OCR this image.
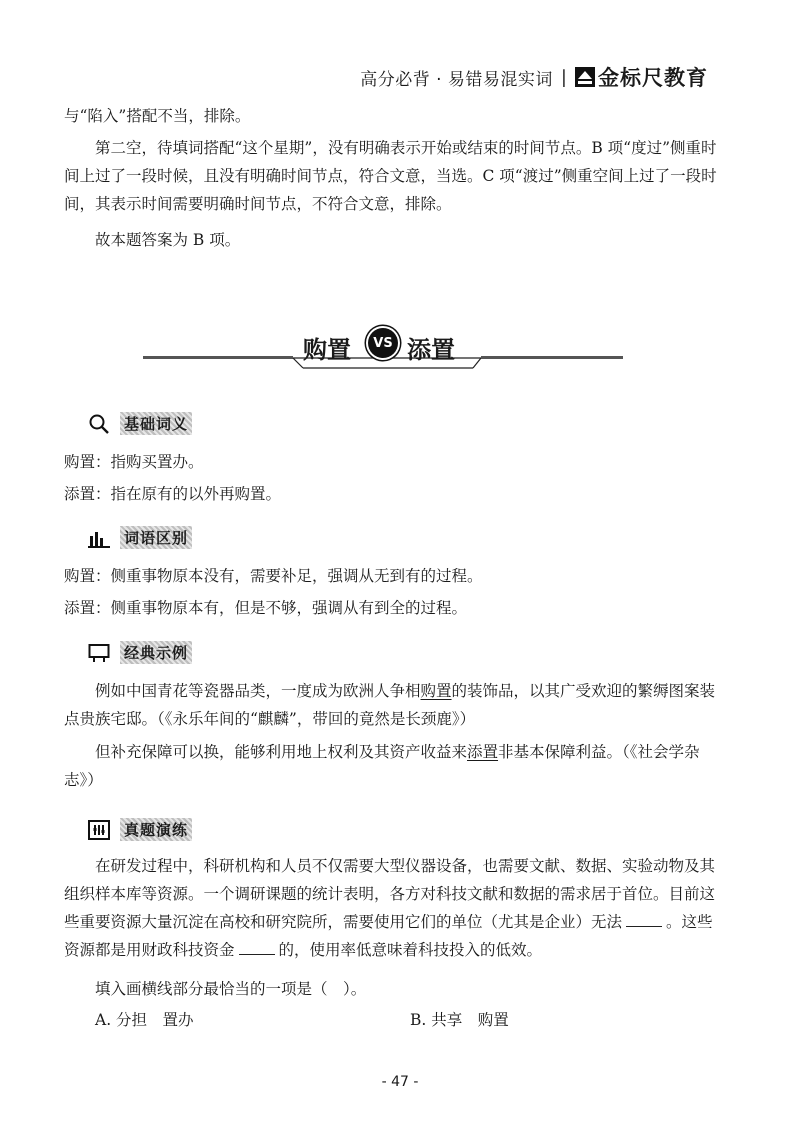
高分必背 · 易错易混实词 | 金标尺教育
与“陷入”搭配不当，排除。
第二空，待填词搭配“这个星期”，没有明确表示开始或结束的时间节点。B 项“度过”侧重时间上过了一段时候，且没有明确时间节点，符合文意，当选。C 项“渡过”侧重空间上过了一段时间，其表示时间需要明确时间节点，不符合文意，排除。
故本题答案为 B 项。
购置	VS 添置
基础词义
购置：指购买置办。
添置：指在原有的以外再购置。
词语区别
购置：侧重事物原本没有，需要补足，强调从无到有的过程。
添置：侧重事物原本有，但是不够，强调从有到全的过程。
经典示例
例如中国青花等瓷器品类，一度成为欧洲人争相购置的装饰品，以其广受欢迎的繁缛图案装点贵族宅邸。（《永乐年间的“麒麟”，带回的竟然是长颈鹿》）
但补充保障可以换，能够利用地上权利及其资产收益来添置非基本保障利益。（《社会学杂志》）
真题演练
在研发过程中，科研机构和人员不仅需要大型仪器设备，也需要文献、数据、实验动物及其组织样本库等资源。一个调研课题的统计表明，各方对科技文献和数据的需求居于首位。目前这些重要资源大量沉淀在高校和研究院所，需要使用它们的单位（尤其是企业）无法	。这些资源都是用财政科技资金	的，使用率低意味着科技投入的低效。
填入画横线部分最恰当的一项是（　）。
A. 分担　置办	B. 共享　购置
- 47 -
